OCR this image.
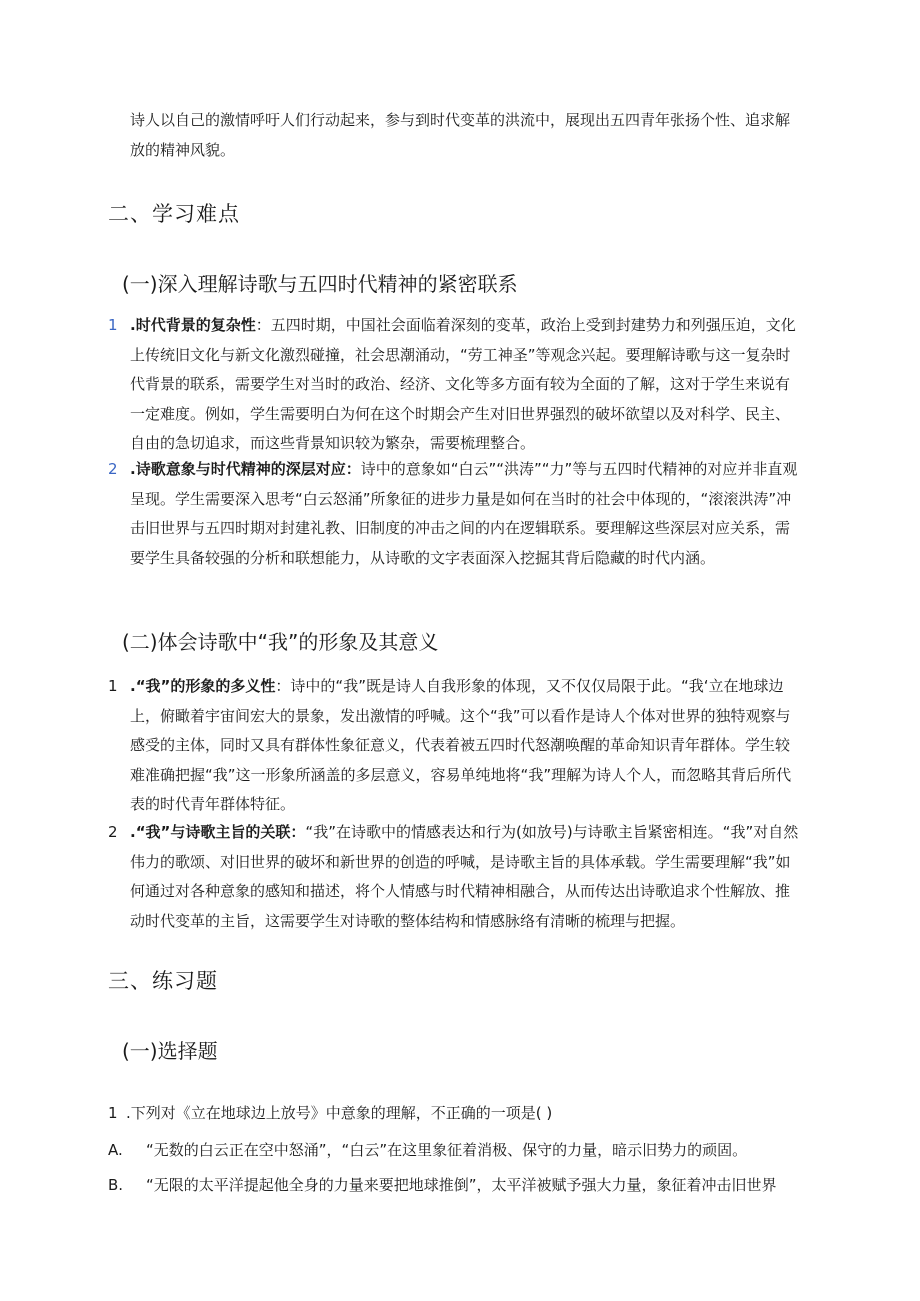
诗人以自己的激情呼吁人们行动起来，参与到时代变革的洪流中，展现出五四青年张扬个性、追求解放的精神风貌。

二、学习难点
(一)深入理解诗歌与五四时代精神的紧密联系
1 .时代背景的复杂性：五四时期，中国社会面临着深刻的变革，政治上受到封建势力和列强压迫，文化上传统旧文化与新文化激烈碰撞，社会思潮涌动，“劳工神圣”等观念兴起。要理解诗歌与这一复杂时代背景的联系，需要学生对当时的政治、经济、文化等多方面有较为全面的了解，这对于学生来说有一定难度。例如，学生需要明白为何在这个时期会产生对旧世界强烈的破坏欲望以及对科学、民主、自由的急切追求，而这些背景知识较为繁杂，需要梳理整合。
2 .诗歌意象与时代精神的深层对应：诗中的意象如“白云”“洪涛”“力”等与五四时代精神的对应并非直观呈现。学生需要深入思考“白云怒涌”所象征的进步力量是如何在当时的社会中体现的，“滚滚洪涛”冲击旧世界与五四时期对封建礼教、旧制度的冲击之间的内在逻辑联系。要理解这些深层对应关系，需要学生具备较强的分析和联想能力，从诗歌的文字表面深入挖掘其背后隐藏的时代内涵。
(二)体会诗歌中“我”的形象及其意义
1 .“我”的形象的多义性：诗中的“我”既是诗人自我形象的体现，又不仅仅局限于此。“我‘立在地球边上，俯瞰着宇宙间宏大的景象，发出激情的呼喊。这个“我”可以看作是诗人个体对世界的独特观察与感受的主体，同时又具有群体性象征意义，代表着被五四时代怒潮唤醒的革命知识青年群体。学生较难准确把握“我”这一形象所涵盖的多层意义，容易单纯地将“我”理解为诗人个人，而忽略其背后所代表的时代青年群体特征。
2 .“我”与诗歌主旨的关联：“我”在诗歌中的情感表达和行为(如放号)与诗歌主旨紧密相连。“我”对自然伟力的歌颂、对旧世界的破坏和新世界的创造的呼喊，是诗歌主旨的具体承载。学生需要理解“我”如何通过对各种意象的感知和描述，将个人情感与时代精神相融合，从而传达出诗歌追求个性解放、推动时代变革的主旨，这需要学生对诗歌的整体结构和情感脉络有清晰的梳理与把握。
三、练习题
(一)选择题
1 .下列对《立在地球边上放号》中意象的理解，不正确的一项是( )
A. “无数的白云正在空中怒涌”，“白云”在这里象征着消极、保守的力量，暗示旧势力的顽固。
B. “无限的太平洋提起他全身的力量来要把地球推倒”，太平洋被赋予强大力量，象征着冲击旧世界
